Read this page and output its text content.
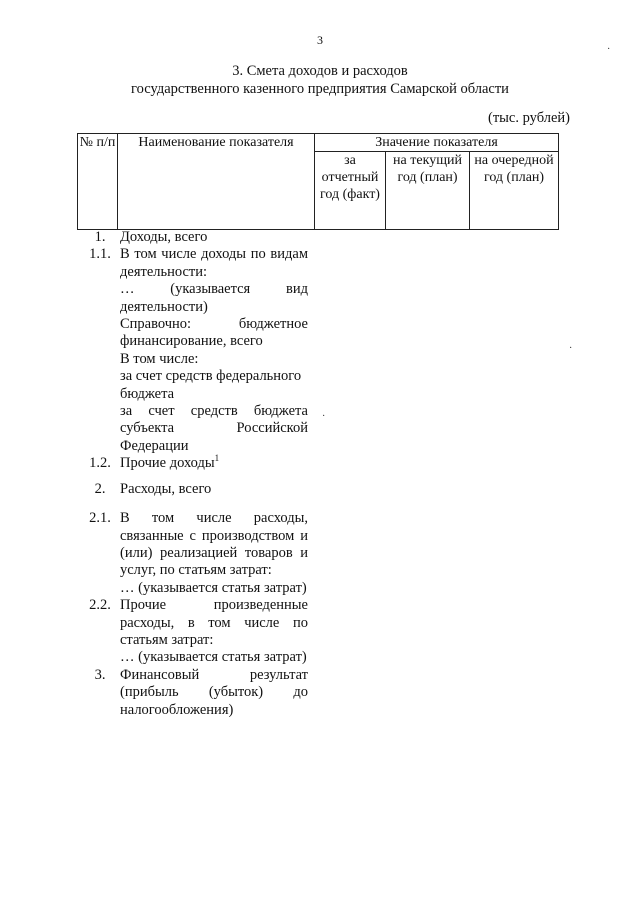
3
3. Смета доходов и расходов
государственного казенного предприятия Самарской области
(тыс. рублей)
№ п/п	Наименование показателя	Значение показателя		
		за отчетный год (факт)	на текущий год (план)	на очередной год (план)
1.	Доходы, всего
1.1. В том числе доходы по видам деятельности:
… (указывается вид деятельности)
Справочно: бюджетное финансирование, всего
В том числе:
за счет средств федерального бюджета
за счет средств бюджета субъекта Российской Федерации
1.2. Прочие доходы$^1$
2.	Расходы, всего
2.1. В том числе расходы, связанные с производством и (или) реализацией товаров и услуг, по статьям затрат:
… (указывается статья затрат)
2.2. Прочие произведенные расходы, в том числе по статьям затрат:
… (указывается статья затрат)
3.	Финансовый результат (прибыль (убыток) до налогообложения)
·
·
·
